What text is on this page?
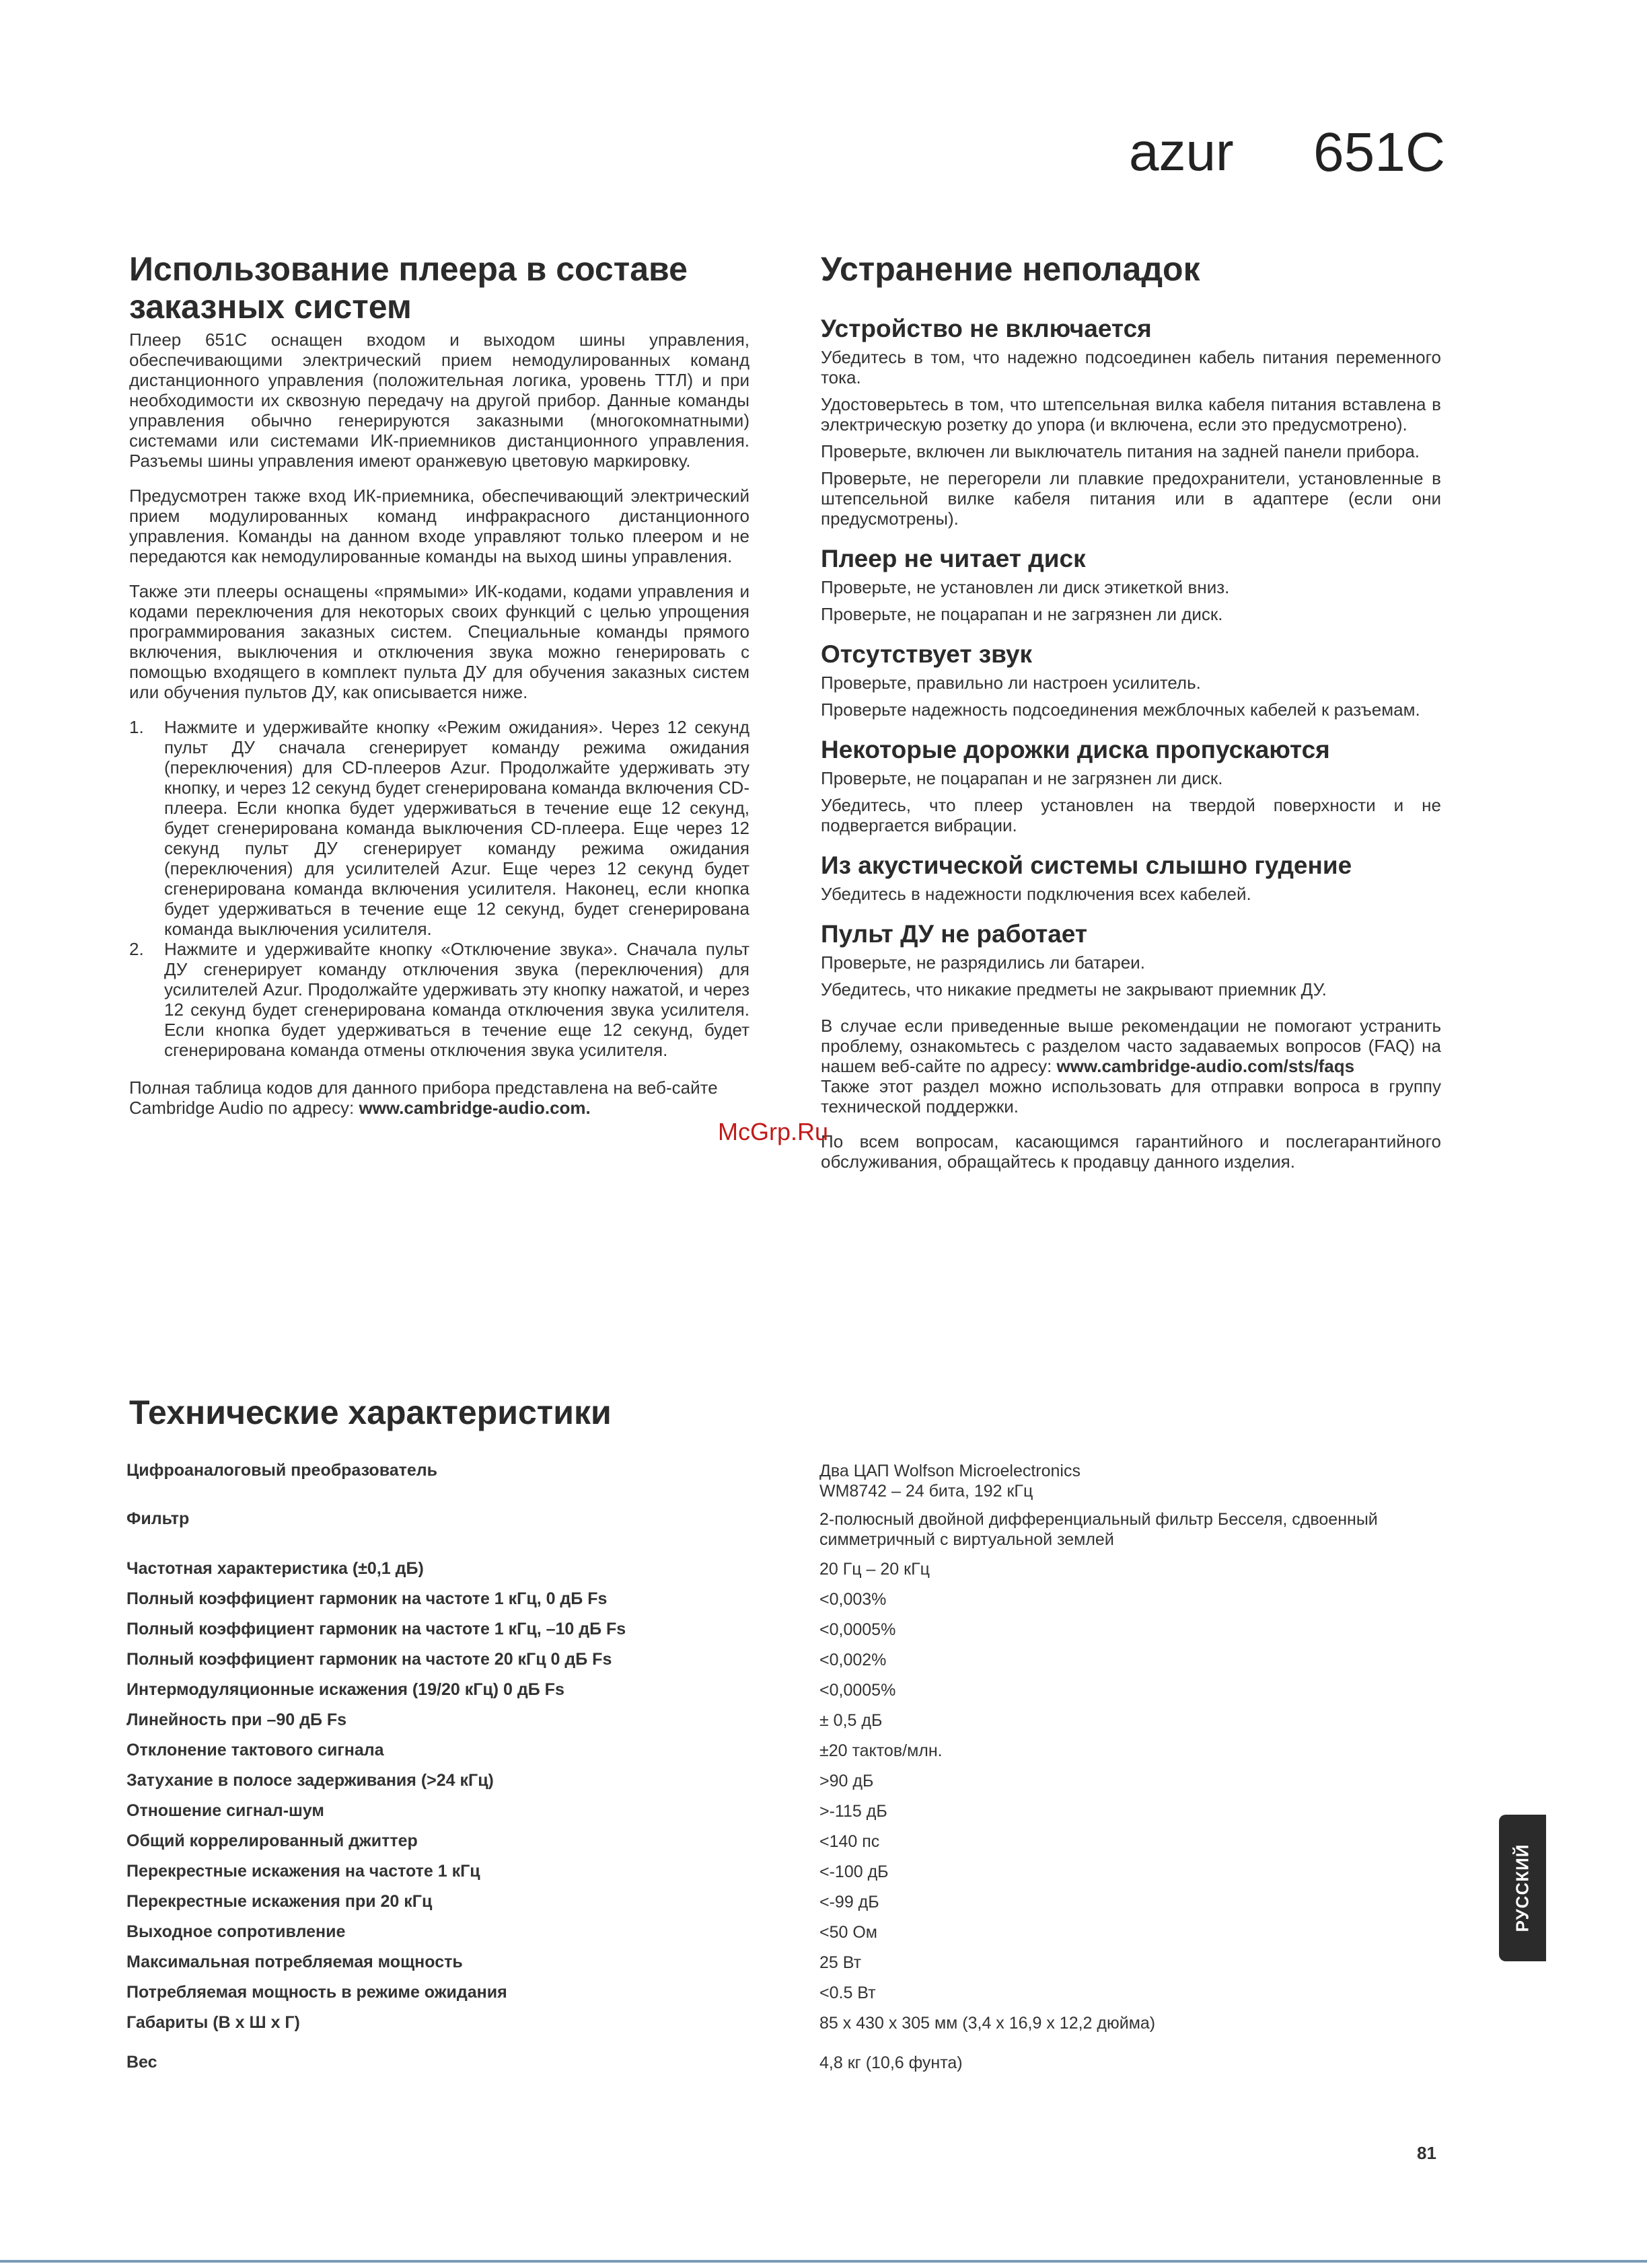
azur 651C
Использование плеера в составе
заказных систем

Плеер 651С оснащен входом и выходом шины управления, обеспечивающими электрический прием немодулированных команд дистанционного управления (положительная логика, уровень ТТЛ) и при необходимости их сквозную передачу на другой прибор. Данные команды управления обычно генерируются заказными (многокомнатными) системами или системами ИК-приемников дистанционного управления. Разъемы шины управления имеют оранжевую цветовую маркировку.

Предусмотрен также вход ИК-приемника, обеспечивающий электрический прием модулированных команд инфракрасного дистанционного управления. Команды на данном входе управляют только плеером и не передаются как немодулированные команды на выход шины управления.

Также эти плееры оснащены «прямыми» ИК-кодами, кодами управления и кодами переключения для некоторых своих функций с целью упрощения программирования заказных систем. Специальные команды прямого включения, выключения и отключения звука можно генерировать с помощью входящего в комплект пульта ДУ для обучения заказных систем или обучения пультов ДУ, как описывается ниже.

1.	Нажмите и удерживайте кнопку «Режим ожидания». Через 12 секунд пульт ДУ сначала сгенерирует команду режима ожидания (переключения) для CD-плееров Azur. Продолжайте удерживать эту кнопку, и через 12 секунд будет сгенерирована команда включения CD-плеера. Если кнопка будет удерживаться в течение еще 12 секунд, будет сгенерирована команда выключения CD-плеера. Еще через 12 секунд пульт ДУ сгенерирует команду режима ожидания (переключения) для усилителей Azur. Еще через 12 секунд будет сгенерирована команда включения усилителя. Наконец, если кнопка будет удерживаться в течение еще 12 секунд, будет сгенерирована команда выключения усилителя.
2.	Нажмите и удерживайте кнопку «Отключение звука». Сначала пульт ДУ сгенерирует команду отключения звука (переключения) для усилителей Azur. Продолжайте удерживать эту кнопку нажатой, и через 12 секунд будет сгенерирована команда отключения звука усилителя. Если кнопка будет удерживаться в течение еще 12 секунд, будет сгенерирована команда отмены отключения звука усилителя.

Полная таблица кодов для данного прибора представлена на веб-сайте Cambridge Audio по адресу: www.cambridge-audio.com.

Устранение неполадок
Устройство не включается

Убедитесь в том, что надежно подсоединен кабель питания переменного тока.

Удостоверьтесь в том, что штепсельная вилка кабеля питания вставлена в электрическую розетку до упора (и включена, если это предусмотрено).

Проверьте, включен ли выключатель питания на задней панели прибора.

Проверьте, не перегорели ли плавкие предохранители, установленные в штепсельной вилке кабеля питания или в адаптере (если они предусмотрены).

Плеер не читает диск

Проверьте, не установлен ли диск этикеткой вниз.

Проверьте, не поцарапан и не загрязнен ли диск.

Отсутствует звук

Проверьте, правильно ли настроен усилитель.

Проверьте надежность подсоединения межблочных кабелей к разъемам.

Некоторые дорожки диска пропускаются

Проверьте, не поцарапан и не загрязнен ли диск.

Убедитесь, что плеер установлен на твердой поверхности и не подвергается вибрации.

Из акустической системы слышно гудение

Убедитесь в надежности подключения всех кабелей.

Пульт ДУ не работает

Проверьте, не разрядились ли батареи.

Убедитесь, что никакие предметы не закрывают приемник ДУ.

В случае если приведенные выше рекомендации не помогают устранить проблему, ознакомьтесь с разделом часто задаваемых вопросов (FAQ) на нашем веб-сайте по адресу: www.cambridge-audio.com/sts/faqs
Также этот раздел можно использовать для отправки вопроса в группу технической поддержки.

По всем вопросам, касающимся гарантийного и послегарантийного обслуживания, обращайтесь к продавцу данного изделия.

McGrp.Ru
Технические характеристики
Цифроаналоговый преобразователь	Два ЦАП Wolfson Microelectronics
WM8742 – 24 бита, 192 кГц
Фильтр	2-полюсный двойной дифференциальный фильтр Бесселя, сдвоенный
симметричный с виртуальной землей
Частотная характеристика (±0,1 дБ)	20 Гц – 20 кГц
Полный коэффициент гармоник на частоте 1 кГц, 0 дБ Fs	<0,003%
Полный коэффициент гармоник на частоте 1 кГц, –10 дБ Fs	<0,0005%
Полный коэффициент гармоник на частоте 20 кГц 0 дБ Fs	<0,002%
Интермодуляционные искажения (19/20 кГц) 0 дБ Fs	<0,0005%
Линейность при –90 дБ Fs	± 0,5 дБ
Отклонение тактового сигнала	±20 тактов/млн.
Затухание в полосе задерживания (>24 кГц)	>90 дБ
Отношение сигнал-шум	>-115 дБ
Общий коррелированный джиттер	<140 пс
Перекрестные искажения на частоте 1 кГц	<-100 дБ
Перекрестные искажения при 20 кГц	<-99 дБ
Выходное сопротивление	<50 Ом
Максимальная потребляемая мощность	25 Вт
Потребляемая мощность в режиме ожидания	<0.5 Вт
Габариты (В х Ш х Г)	85 х 430 х 305 мм (3,4 х 16,9 х 12,2 дюйма)
Вес	4,8 кг (10,6 фунта)
РУССКИЙ
81
